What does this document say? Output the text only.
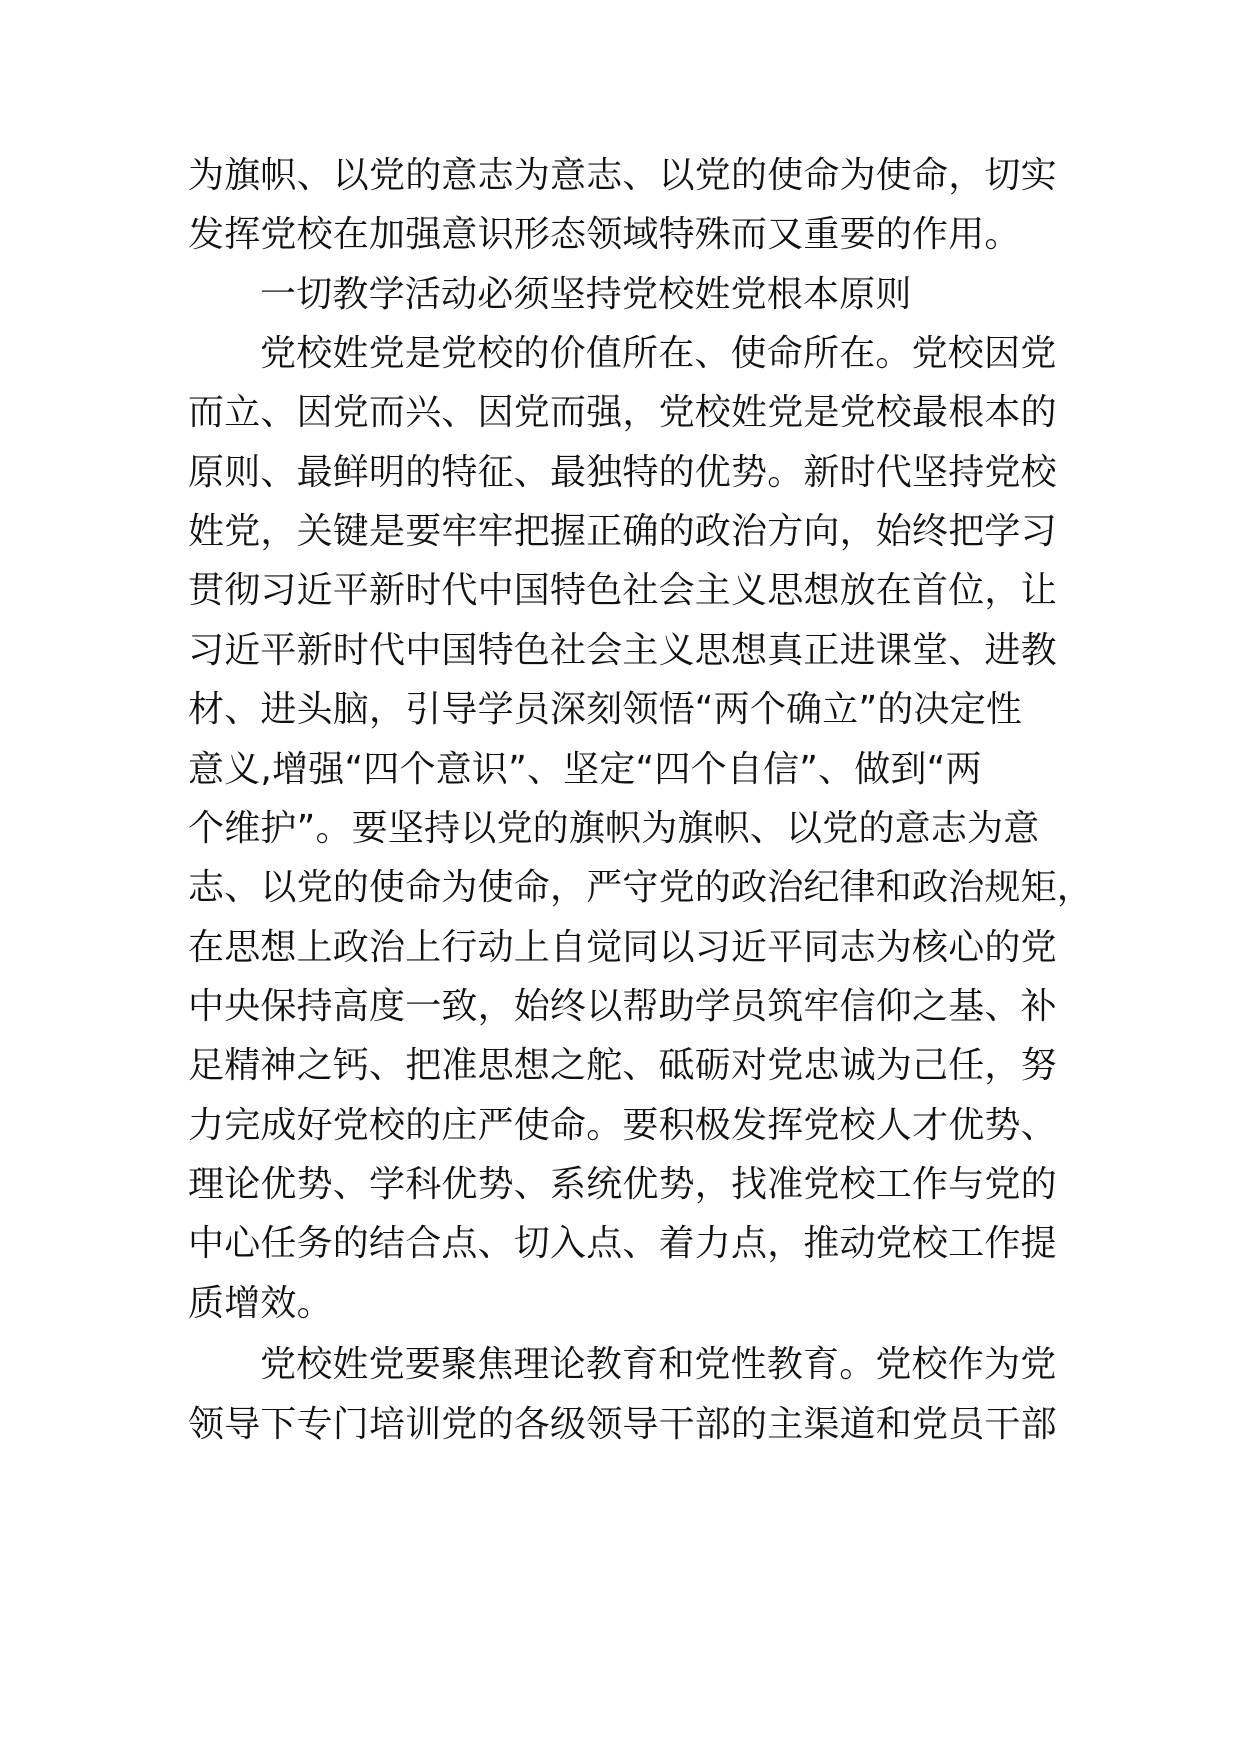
为旗帜、以党的意志为意志、以党的使命为使命，切实
发挥党校在加强意识形态领域特殊而又重要的作用。
一切教学活动必须坚持党校姓党根本原则
党校姓党是党校的价值所在、使命所在。党校因党
而立、因党而兴、因党而强，党校姓党是党校最根本的
原则、最鲜明的特征、最独特的优势。新时代坚持党校
姓党，关键是要牢牢把握正确的政治方向，始终把学习
贯彻习近平新时代中国特色社会主义思想放在首位，让
习近平新时代中国特色社会主义思想真正进课堂、进教
材、进头脑，引导学员深刻领悟“两个确立”的决定性
意义,增强“四个意识”、坚定“四个自信”、做到“两
个维护”。要坚持以党的旗帜为旗帜、以党的意志为意
志、以党的使命为使命，严守党的政治纪律和政治规矩，
在思想上政治上行动上自觉同以习近平同志为核心的党
中央保持高度一致，始终以帮助学员筑牢信仰之基、补
足精神之钙、把准思想之舵、砥砺对党忠诚为己任，努
力完成好党校的庄严使命。要积极发挥党校人才优势、
理论优势、学科优势、系统优势，找准党校工作与党的
中心任务的结合点、切入点、着力点，推动党校工作提
质增效。
党校姓党要聚焦理论教育和党性教育。党校作为党
领导下专门培训党的各级领导干部的主渠道和党员干部
